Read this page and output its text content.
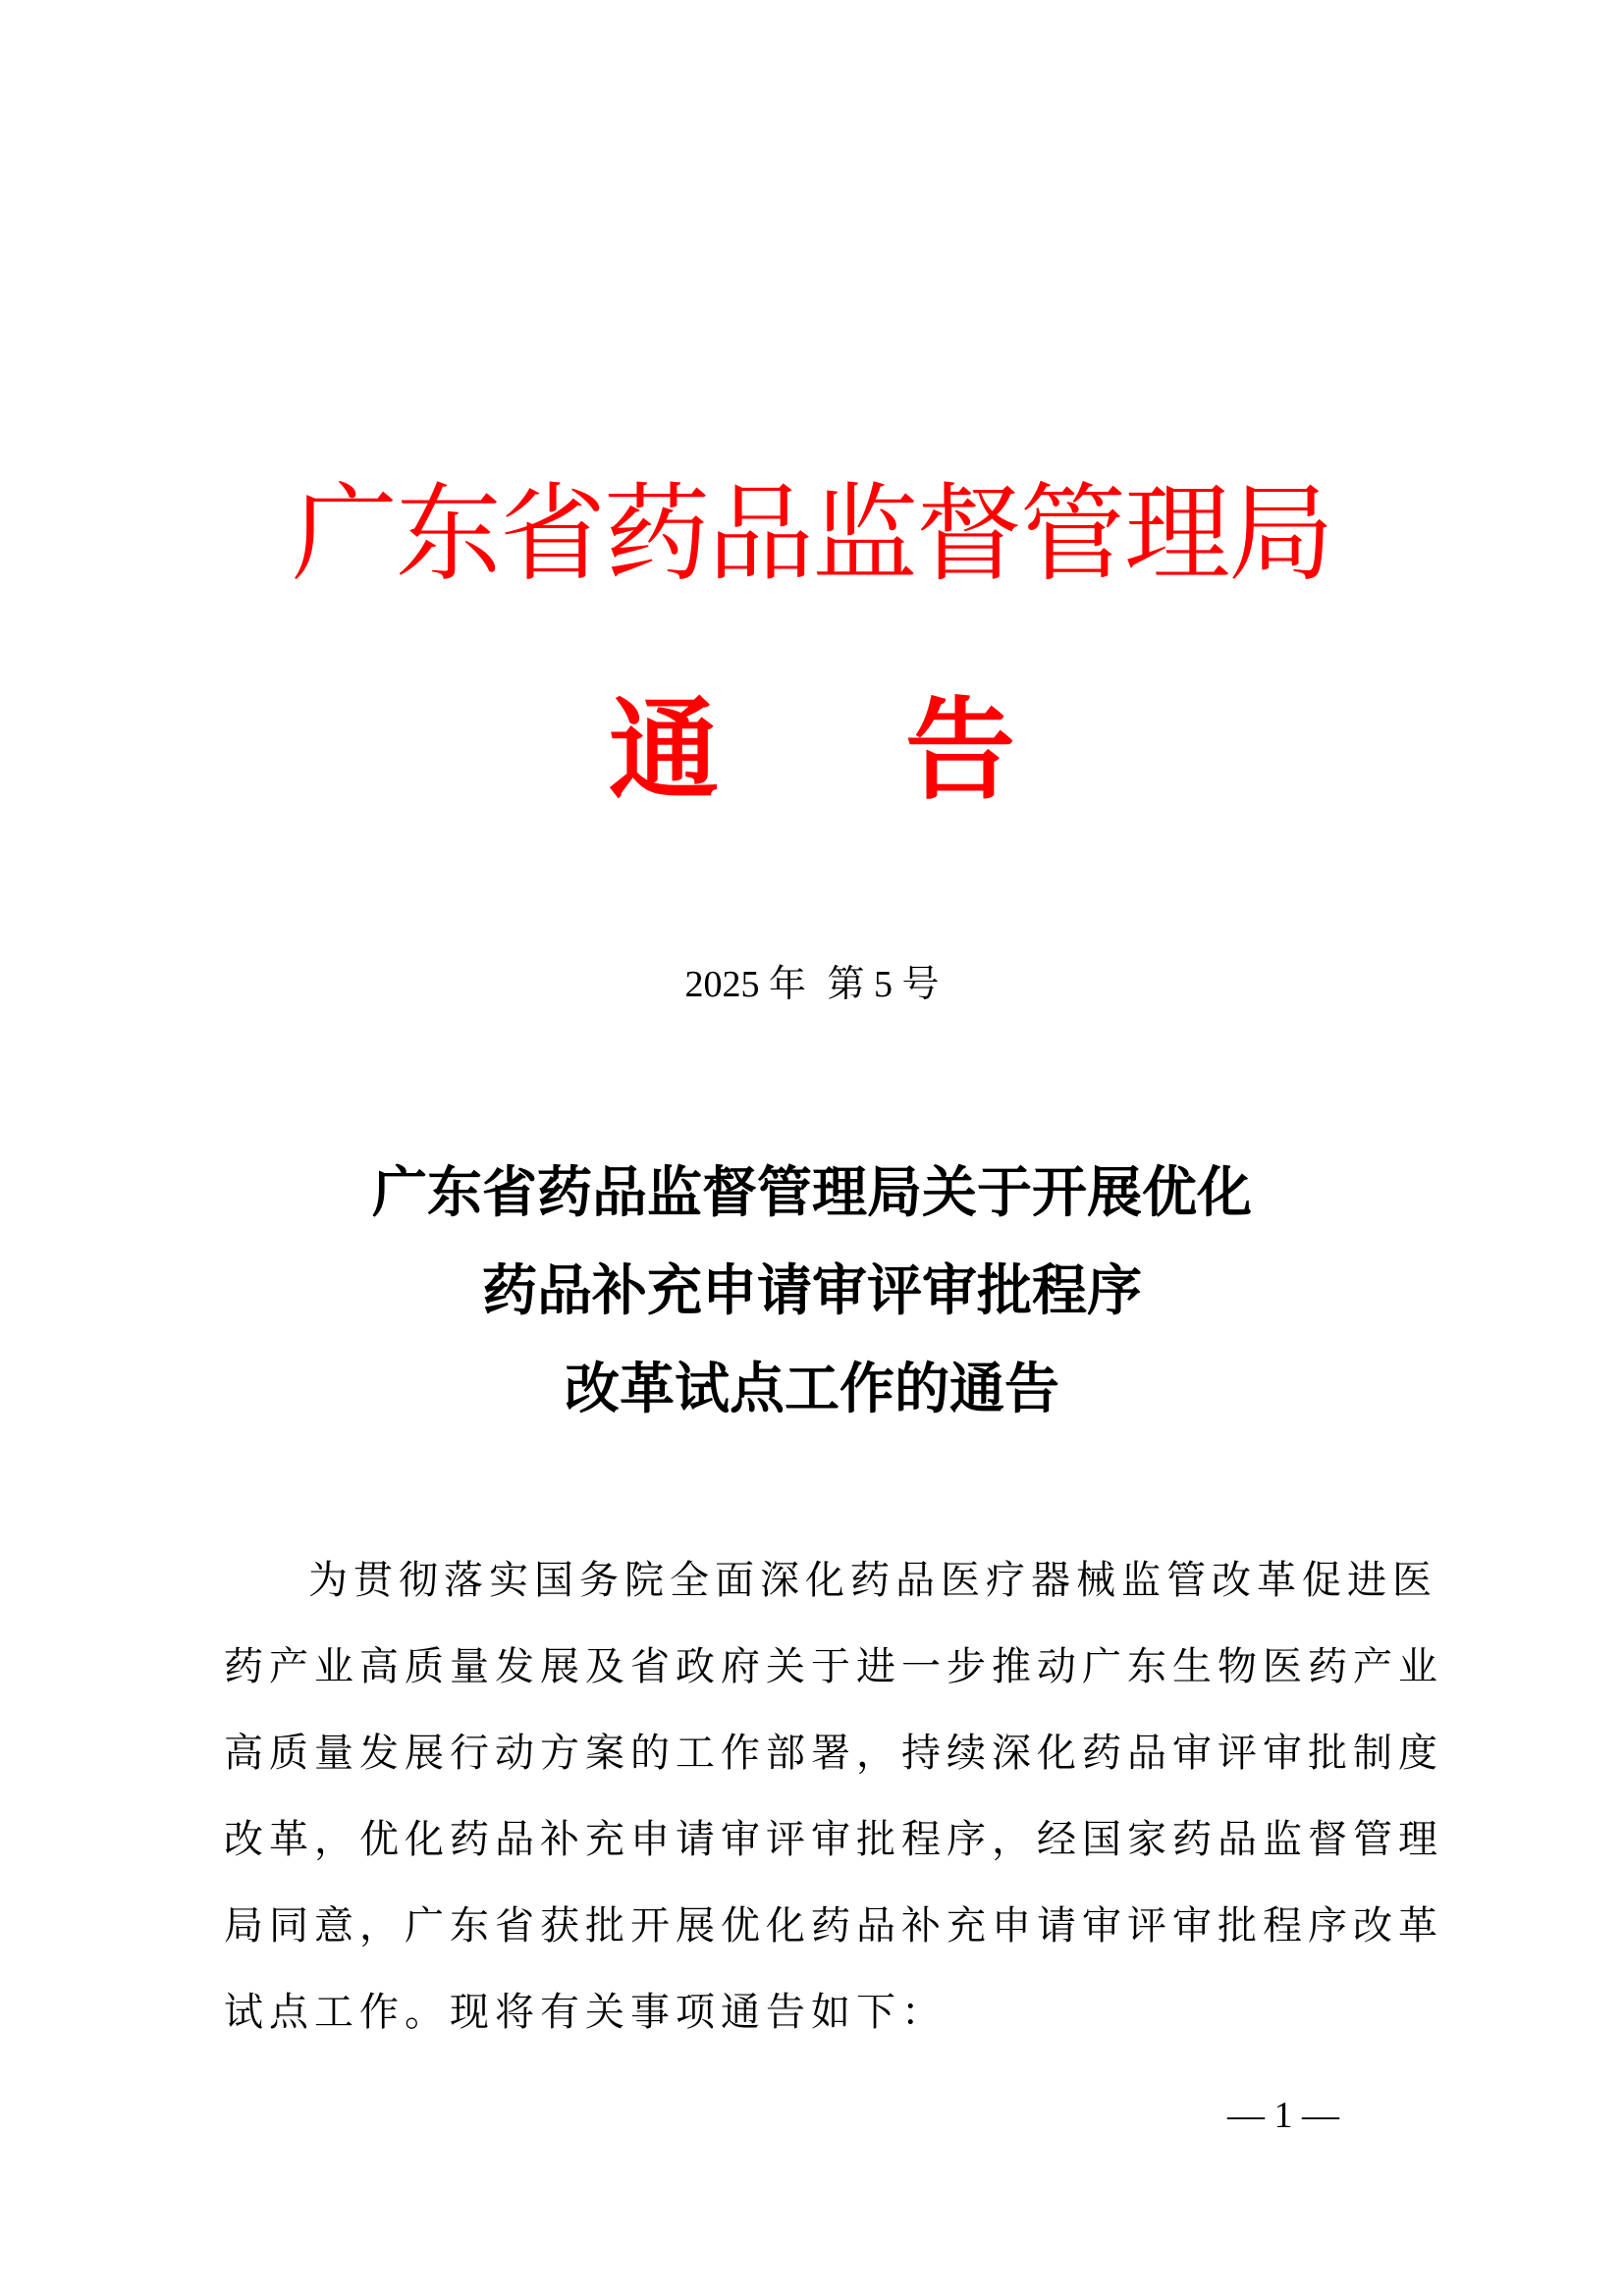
广东省药品监督管理局
通 告
2025 年 第 5 号
广东省药品监督管理局关于开展优化
药品补充申请审评审批程序
改革试点工作的通告
为贯彻落实国务院全面深化药品医疗器械监管改革促进医
药产业高质量发展及省政府关于进一步推动广东生物医药产业
高质量发展行动方案的工作部署，持续深化药品审评审批制度
改革，优化药品补充申请审评审批程序，经国家药品监督管理
局同意，广东省获批开展优化药品补充申请审评审批程序改革
试点工作。现将有关事项通告如下：
— 1 —
